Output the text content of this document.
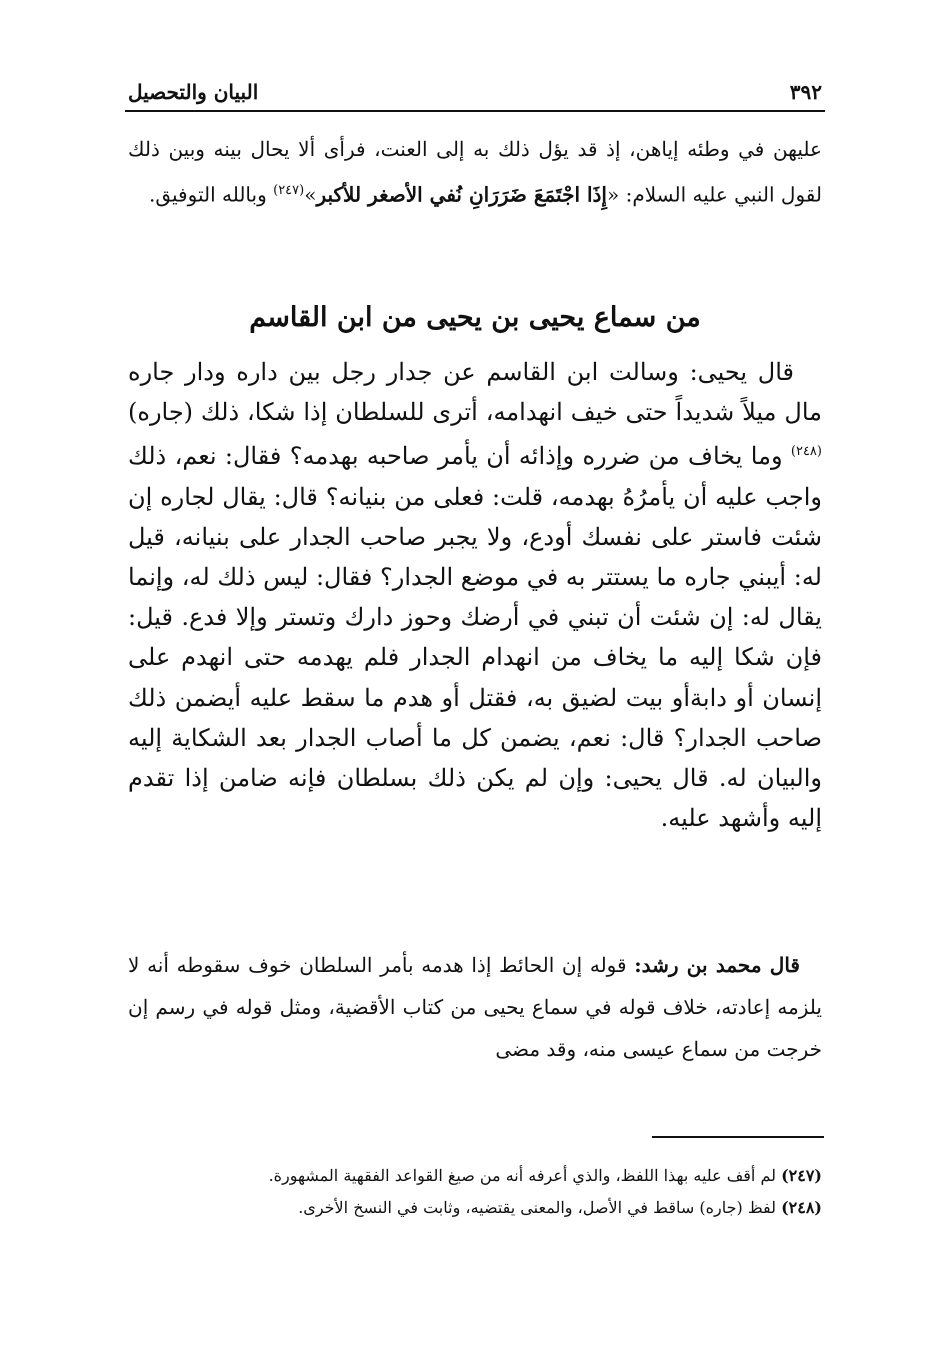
البيان والتحصيل	٣٩٢
عليهن في وطئه إياهن، إذ قد يؤل ذلك به إلى العنت، فرأى ألا يحال بينه وبين ذلك لقول النبي عليه السلام: «إِذَا اجْتَمَعَ ضَرَرَانِ نُفي الأصغر للأكبر»$^{(٢٤٧)}$ وبالله التوفيق.
من سماع يحيى بن يحيى من ابن القاسم
قال يحيى: وسالت ابن القاسم عن جدار رجل بين داره ودار جاره مال ميلاً شديداً حتى خيف انهدامه، أترى للسلطان إذا شكا، ذلك (جاره)$^{(٢٤٨)}$ وما يخاف من ضرره وإذائه أن يأمر صاحبه بهدمه؟ فقال: نعم، ذلك واجب عليه أن يأمرُهُ بهدمه، قلت: فعلى من بنيانه؟ قال: يقال لجاره إن شئت فاستر على نفسك أودع، ولا يجبر صاحب الجدار على بنيانه، قيل له: أيبني جاره ما يستتر به في موضع الجدار؟ فقال: ليس ذلك له، وإنما يقال له: إن شئت أن تبني في أرضك وحوز دارك وتستر وإلا فدع. قيل: فإن شكا إليه ما يخاف من انهدام الجدار فلم يهدمه حتى انهدم على إنسان أو دابةأو بيت لضيق به، فقتل أو هدم ما سقط عليه أيضمن ذلك صاحب الجدار؟ قال: نعم، يضمن كل ما أصاب الجدار بعد الشكاية إليه والبيان له. قال يحيى: وإن لم يكن ذلك بسلطان فإنه ضامن إذا تقدم إليه وأشهد عليه.
قال محمد بن رشد: قوله إن الحائط إذا هدمه بأمر السلطان خوف سقوطه أنه لا يلزمه إعادته، خلاف قوله في سماع يحيى من كتاب الأقضية، ومثل قوله في رسم إن خرجت من سماع عيسى منه، وقد مضى
(٢٤٧) لم أقف عليه بهذا اللفظ، والذي أعرفه أنه من صيغ القواعد الفقهية المشهورة.
(٢٤٨) لفظ (جاره) ساقط في الأصل، والمعنى يقتضيه، وثابت في النسخ الأخرى.
